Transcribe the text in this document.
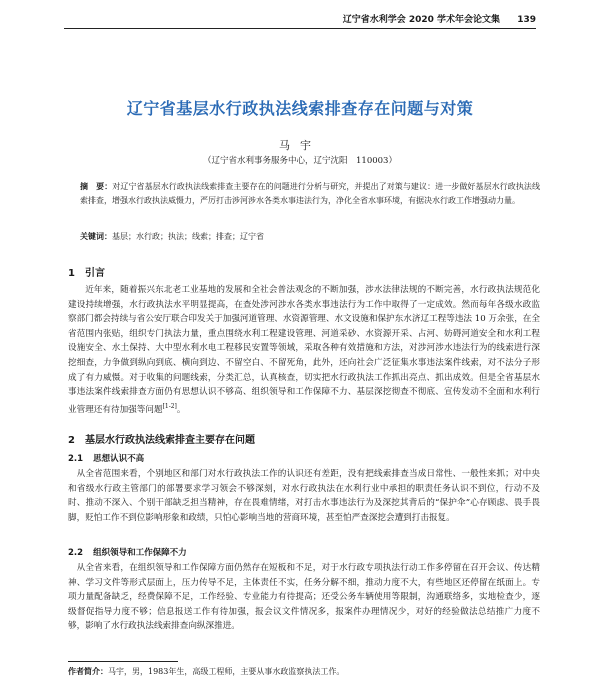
辽宁省水利学会 2020 学术年会论文集 139
辽宁省基层水行政执法线索排查存在问题与对策
马宇
（辽宁省水利事务服务中心，辽宁沈阳　110003）
摘　要：对辽宁省基层水行政执法线索排查主要存在的问题进行分析与研究，并提出了对策与建议：进一步做好基层水行政执法线索排查，增强水行政执法威慑力，严厉打击涉河涉水各类水事违法行为，净化全省水事环境，有据决水行政工作增强动力量。
关键词：基层；水行政；执法；线索；排查；辽宁省
1 引言

近年来，随着振兴东北老工业基地的发展和全社会普法观念的不断加强，涉水法律法规的不断完善，水行政执法规范化建设持续增强，水行政执法水平明显提高，在查处涉河涉水各类水事违法行为工作中取得了一定成效。然而每年各级水政监察部门都会持续与省公安厅联合印发关于加强河道管理、水资源管理、水文设施和保护东水济辽工程等违法 10 万余张，在全省范围内张贴，组织专门执法力量，重点围绕水利工程建设管理、河道采砂、水资源开采、占河、妨碍河道安全和水利工程设施安全、水土保持、大中型水利水电工程移民安置等领域，采取各种有效措施和方法，对涉河涉水违法行为的线索进行深挖细查，力争做到纵向到底、横向到边、不留空白、不留死角，此外，还向社会广泛征集水事违法案件线索，对不法分子形成了有力威慑。对于收集的问题线索，分类汇总，认真核查，切实把水行政执法工作抓出亮点、抓出成效。但是全省基层水事违法案件线索排查方面仍有思想认识不够高、组织领导和工作保障不力、基层深挖彻查不彻底、宣传发动不全面和水利行业管理还有待加强等问题[1-2]。

2 基层水行政执法线索排查主要存在问题
2.1 思想认识不高

从全省范围来看，个别地区和部门对水行政执法工作的认识还有差距，没有把线索排查当成日常性、一般性来抓；对中央和省级水行政主管部门的部署要求学习领会不够深刻，对水行政执法在水利行业中承担的职责任务认识不到位，行动不及时、推动不深入、个别干部缺乏担当精神，存在畏难情绪，对打击水事违法行为及深挖其背后的“保护伞”心存顾虑、畏手畏脚，贬怕工作不到位影响形象和政绩，只怕心影响当地的营商环境，甚至怕严查深挖会遭到打击报复。

2.2 组织领导和工作保障不力

从全省来看，在组织领导和工作保障方面仍然存在短板和不足，对于水行政专项执法行动工作多停留在召开会议、传达精神、学习文件等形式层面上，压力传导不足，主体责任不实，任务分解不细，推动力度不大，有些地区还停留在纸面上。专项力量配备缺乏，经费保障不足，工作经验、专业能力有待提高；还受公务车辆使用等限制，沟通联络多，实地检查少，逐级督促指导力度不够；信息报送工作有待加强，报会议文件情况多，报案件办理情况少，对好的经验做法总结推广力度不够，影响了水行政执法线索排查向纵深推进。

作者简介：马宇，男，1983年生，高级工程师，主要从事水政监察执法工作。
